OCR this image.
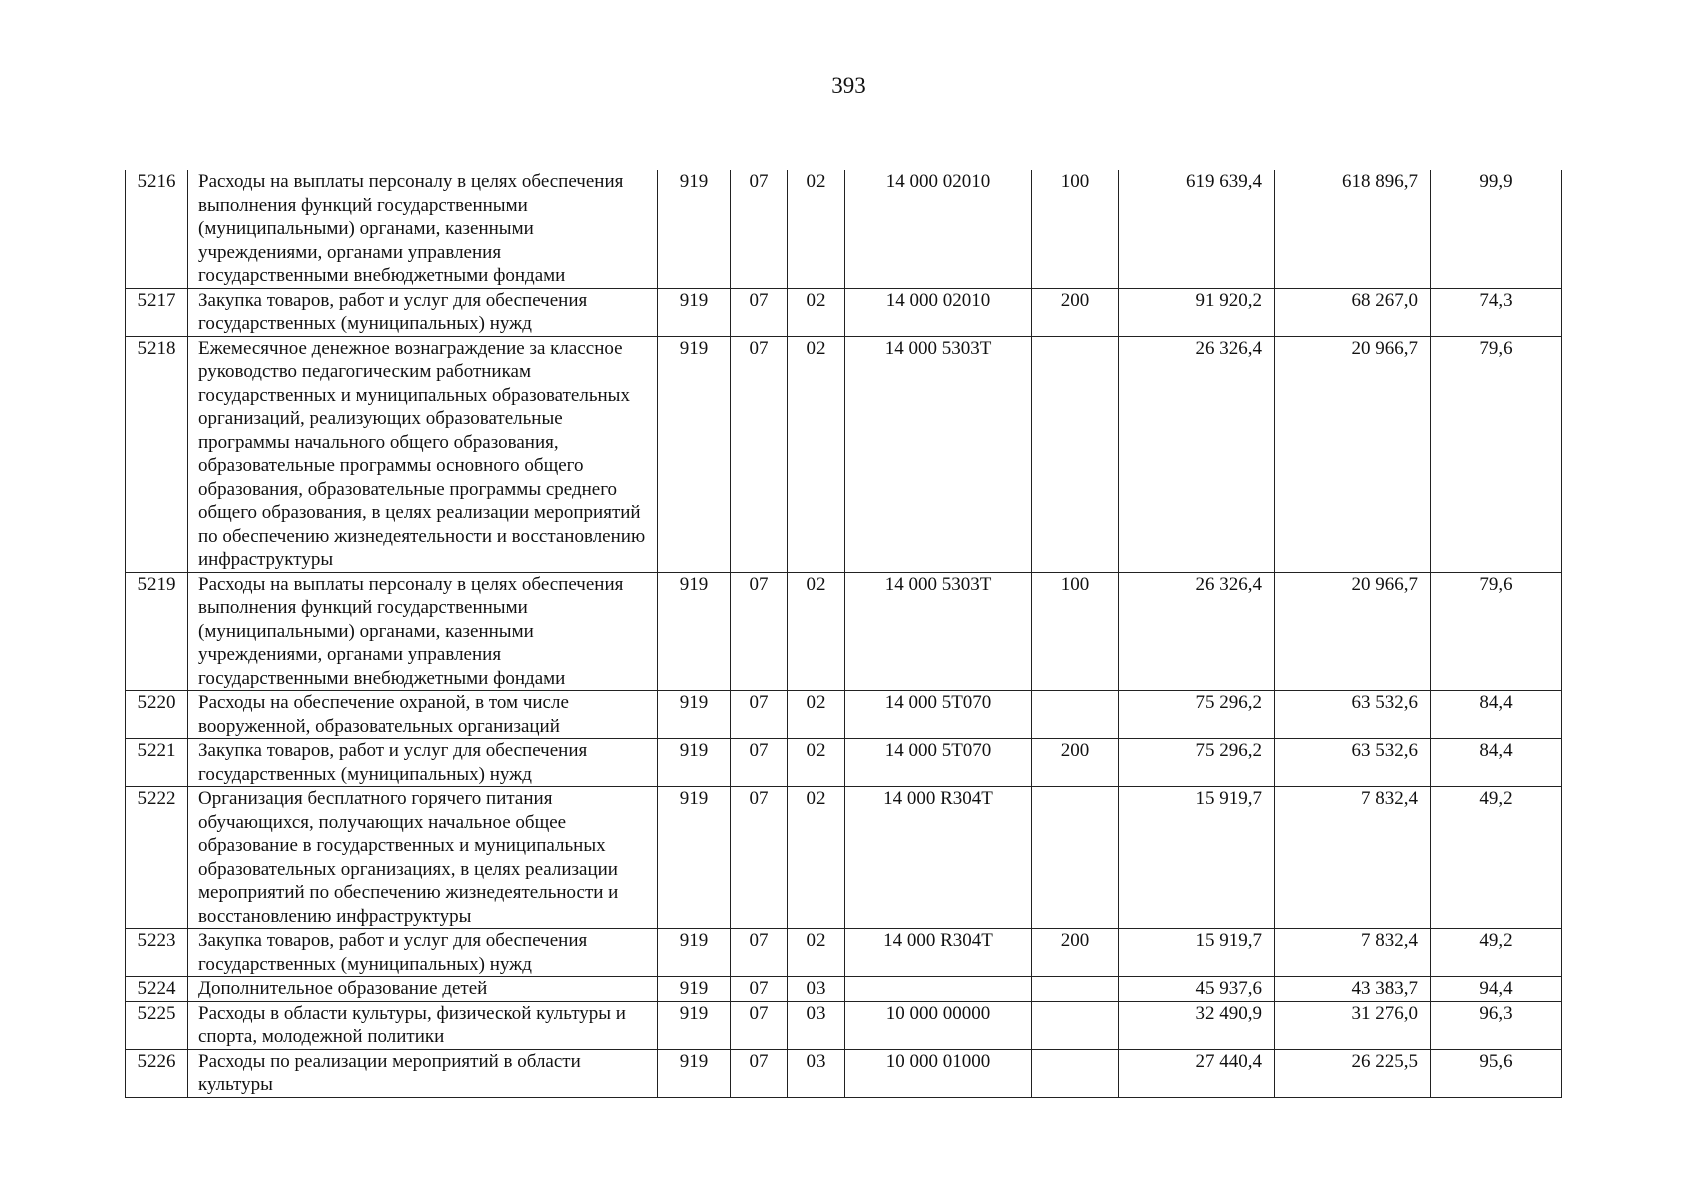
393
5216	Расходы на выплаты персоналу в целях обеспечения выполнения функций государственными (муниципальными) органами, казенными учреждениями, органами управления государственными внебюджетными фондами	919	07	02	14 000 02010	100	619 639,4	618 896,7	99,9
5217	Закупка товаров, работ и услуг для обеспечения государственных (муниципальных) нужд	919	07	02	14 000 02010	200	91 920,2	68 267,0	74,3
5218	Ежемесячное денежное вознаграждение за классное руководство педагогическим работникам государственных и муниципальных образовательных организаций, реализующих образовательные программы начального общего образования, образовательные программы основного общего образования, образовательные программы среднего общего образования, в целях реализации мероприятий по обеспечению жизнедеятельности и восстановлению инфраструктуры	919	07	02	14 000 5303Т		26 326,4	20 966,7	79,6
5219	Расходы на выплаты персоналу в целях обеспечения выполнения функций государственными (муниципальными) органами, казенными учреждениями, органами управления государственными внебюджетными фондами	919	07	02	14 000 5303Т	100	26 326,4	20 966,7	79,6
5220	Расходы на обеспечение охраной, в том числе вооруженной, образовательных организаций	919	07	02	14 000 5Т070		75 296,2	63 532,6	84,4
5221	Закупка товаров, работ и услуг для обеспечения государственных (муниципальных) нужд	919	07	02	14 000 5Т070	200	75 296,2	63 532,6	84,4
5222	Организация бесплатного горячего питания обучающихся, получающих начальное общее образование в государственных и муниципальных образовательных организациях, в целях реализации мероприятий по обеспечению жизнедеятельности и восстановлению инфраструктуры	919	07	02	14 000 R304Т		15 919,7	7 832,4	49,2
5223	Закупка товаров, работ и услуг для обеспечения государственных (муниципальных) нужд	919	07	02	14 000 R304Т	200	15 919,7	7 832,4	49,2
5224	Дополнительное образование детей	919	07	03			45 937,6	43 383,7	94,4
5225	Расходы в области культуры, физической культуры и спорта, молодежной политики	919	07	03	10 000 00000		32 490,9	31 276,0	96,3
5226	Расходы по реализации мероприятий в области культуры	919	07	03	10 000 01000		27 440,4	26 225,5	95,6
